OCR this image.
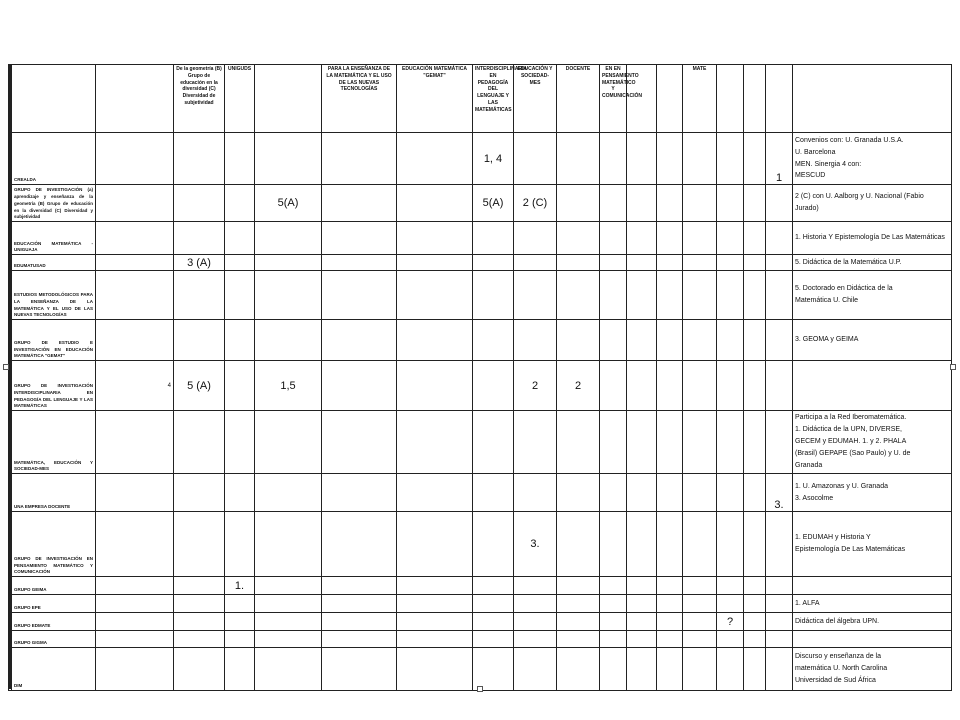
			De la geometría (B) Grupo de educación en la diversidad (C) Diversidad de subjetividad	UNIGUDS		PARA LA ENSEÑANZA DE LA MATEMÁTICA Y EL USO DE LAS NUEVAS TECNOLOGÍAS	EDUCACIÓN MATEMÁTICA "GEMAT"	INTERDISCIPLINARIA EN PEDAGOGÍA DEL LENGUAJE Y LAS MATEMÁTICAS	EDUCACIÓN Y SOCIEDAD-MES	DOCENTE	EN EN PENSAMIENTO MATEMÁTICO Y COMUNICACIÓN			MATE				
	CREALDA							1, 4									1	Convenios con: U. Granada U.S.A.
U. Barcelona
MEN. Sinergia 4 con:
MESCUD

	GRUPO DE INVESTIGACIÓN (a) aprendizaje y enseñanza de la geometría (B) Grupo de educación en la diversidad (C) Diversidad y subjetividad				5(A)			5(A)	2 (C)									2 (C) con U. Aalborg y U. Nacional (Fabio Jurado)

	EDUCACIÓN MATEMÁTICA - UNIGUAJA																	1. Historia Y Epistemología De Las Matemáticas

	EDUMATUSAD		3 (A)															5. Didáctica de la Matemática U.P.

	ESTUDIOS METODOLÓGICOS PARA LA ENSEÑANZA DE LA MATEMÁTICA Y EL USO DE LAS NUEVAS TECNOLOGÍAS																	5. Doctorado en Didáctica de la
Matemática U. Chile

	GRUPO DE ESTUDIO E INVESTIGACIÓN EN EDUCACIÓN MATEMÁTICA "GEMAT"																	3. GEOMA y GEIMA

	GRUPO DE INVESTIGACIÓN INTERDISCIPLINARIA EN PEDAGOGÍA DEL LENGUAJE Y LAS MATEMÁTICAS	4	5 (A)		1,5				2	2								
	MATEMÁTICA, EDUCACIÓN Y SOCIEDAD-MES																	Participa a la Red Iberomatemática.
1. Didáctica de la UPN, DIVERSE,
GECEM y EDUMAH. 1. y 2. PHALA
(Brasil) GEPAPE (Sao Paulo) y U. de
Granada

	UNA EMPRESA DOCENTE																3.	1. U. Amazonas y U. Granada
3. Asocolme

	GRUPO DE INVESTIGACIÓN EN PENSAMIENTO MATEMÁTICO Y COMUNICACIÓN								3.									1. EDUMAH y Historia Y
Epistemología De Las Matemáticas

	GRUPO GEIMA			1.														
	GRUPO EPE																	1. ALFA

	GRUPO EDMATE														?			Didáctica del álgebra UPN.

	GRUPO GIGMA																	
	DIM																	Discurso y enseñanza de la
matemática U. North Carolina
Universidad de Sud África
